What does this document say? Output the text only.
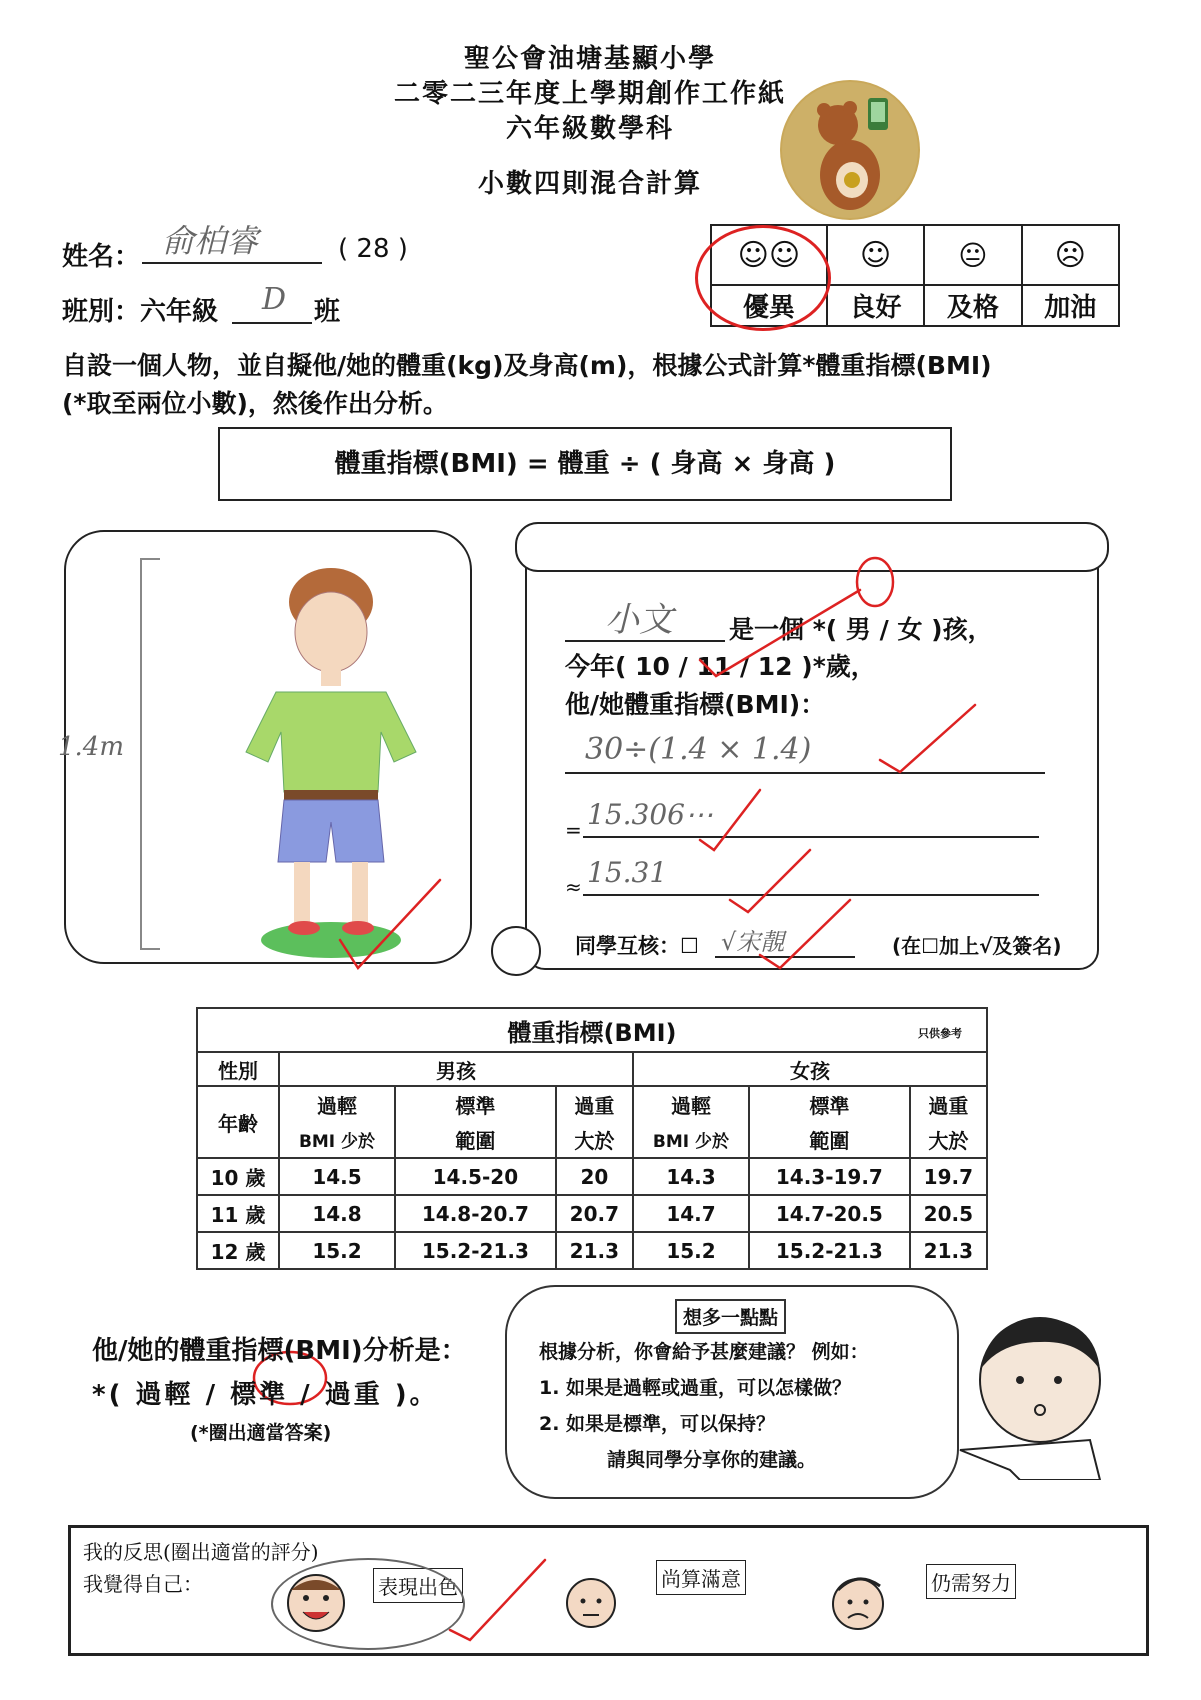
聖公會油塘基顯小學
二零二三年度上學期創作工作紙
六年級數學科
小數四則混合計算
姓名： 俞柏睿	( 28 )
班別：六年級 D 班
☺☺	☺	😐	☹
優異	良好	及格	加油
自設一個人物，並自擬他/她的體重(kg)及身高(m)，根據公式計算*體重指標(BMI)
(*取至兩位小數)，然後作出分析。
體重指標(BMI) = 體重 ÷ ( 身高 × 身高 )
1.4m
小文 是一個 *( 男 / 女 )孩，
今年( 10 / 11 / 12 )*歲，
他/她體重指標(BMI)：
30÷(1.4 × 1.4)
= 15.306⋯
≈ 15.31
同學互核：☐ √宋靚	(在☐加上√及簽名)
體重指標(BMI) 只供參考						

性別	男孩			女孩		
年齡	過輕	標準	過重	過輕	標準	過重
	BMI 少於	範圍	大於	BMI 少於	範圍	大於
10 歲	14.5	14.5-20	20	14.3	14.3-19.7	19.7
11 歲	14.8	14.8-20.7	20.7	14.7	14.7-20.5	20.5
12 歲	15.2	15.2-21.3	21.3	15.2	15.2-21.3	21.3
他/她的體重指標(BMI)分析是：
*( 過輕 / 標準 / 過重 )。
(*圈出適當答案)
想多一點點
根據分析，你會給予甚麼建議？ 例如：
1. 如果是過輕或過重，可以怎樣做？
2. 如果是標準，可以保持？
請與同學分享你的建議。
我的反思(圈出適當的評分)
我覺得自己：	表現出色	尚算滿意	仍需努力
